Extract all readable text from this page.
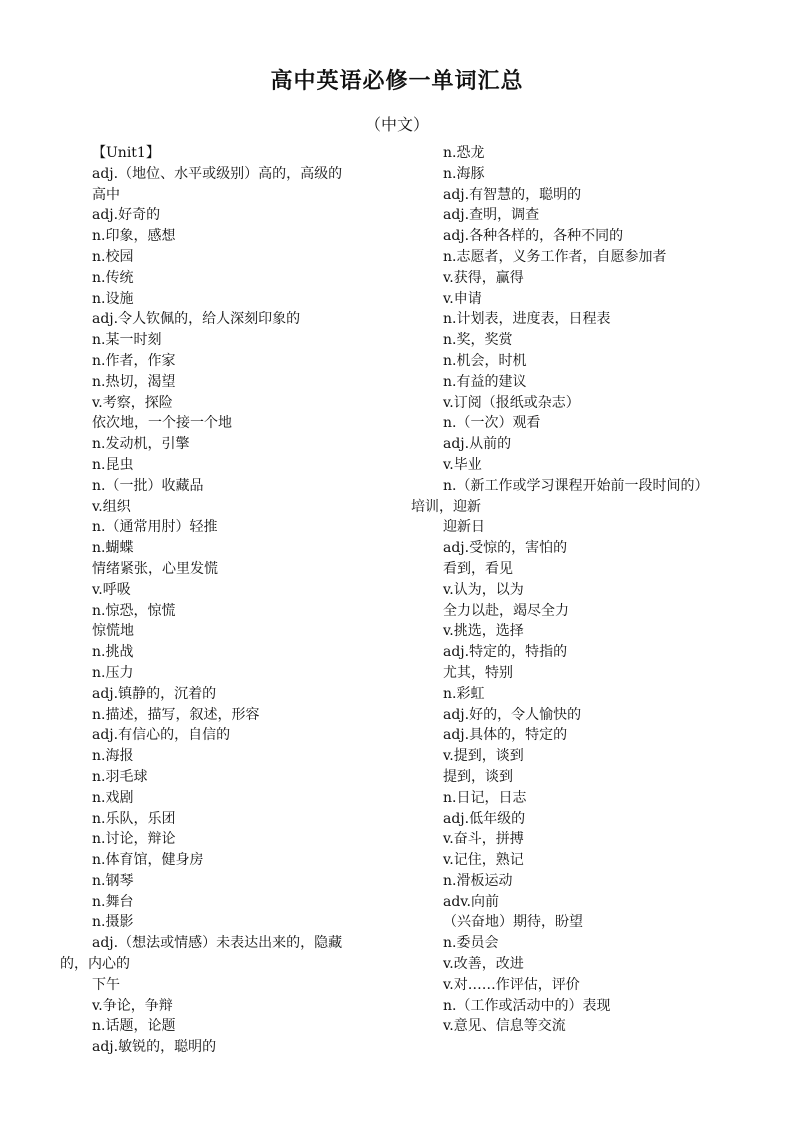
高中英语必修一单词汇总
（中文）
【Unit1】
adj.（地位、水平或级别）高的，高级的
高中
adj.好奇的
n.印象，感想
n.校园
n.传统
n.设施
adj.令人钦佩的，给人深刻印象的
n.某一时刻
n.作者，作家
n.热切，渴望
v.考察，探险
依次地，一个接一个地
n.发动机，引擎
n.昆虫
n.（一批）收藏品
v.组织
n.（通常用肘）轻推
n.蝴蝶
情绪紧张，心里发慌
v.呼吸
n.惊恐，惊慌
惊慌地
n.挑战
n.压力
adj.镇静的，沉着的
n.描述，描写，叙述，形容
adj.有信心的，自信的
n.海报
n.羽毛球
n.戏剧
n.乐队，乐团
n.讨论，辩论
n.体育馆，健身房
n.钢琴
n.舞台
n.摄影
adj.（想法或情感）未表达出来的，隐藏
的，内心的
下午
v.争论，争辩
n.话题，论题
adj.敏锐的，聪明的
n.恐龙
n.海豚
adj.有智慧的，聪明的
adj.查明，调查
adj.各种各样的，各种不同的
n.志愿者，义务工作者，自愿参加者
v.获得，赢得
v.申请
n.计划表，进度表，日程表
n.奖，奖赏
n.机会，时机
n.有益的建议
v.订阅（报纸或杂志）
n.（一次）观看
adj.从前的
v.毕业
n.（新工作或学习课程开始前一段时间的）
培训，迎新
迎新日
adj.受惊的，害怕的
看到，看见
v.认为，以为
全力以赴，竭尽全力
v.挑选，选择
adj.特定的，特指的
尤其，特别
n.彩虹
adj.好的，令人愉快的
adj.具体的，特定的
v.提到，谈到
提到，谈到
n.日记，日志
adj.低年级的
v.奋斗，拼搏
v.记住，熟记
n.滑板运动
adv.向前
（兴奋地）期待，盼望
n.委员会
v.改善，改进
v.对……作评估，评价
n.（工作或活动中的）表现
v.意见、信息等交流
